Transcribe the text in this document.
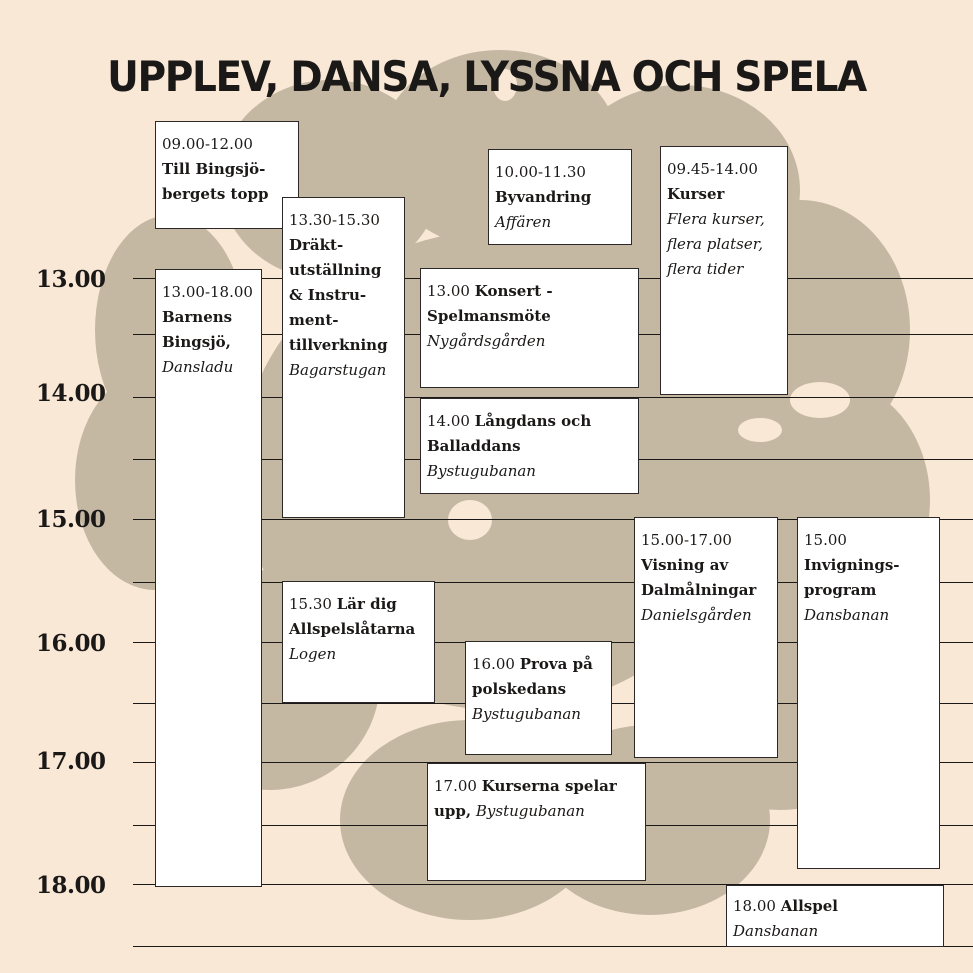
UPPLEV, DANSA, LYSSNA OCH SPELA
13.00
14.00
15.00
16.00
17.00
18.00
09.00-12.00
Till Bingsjö-bergets topp
10.00-11.30
Byvandring
Affären
09.45-14.00
Kurser
Flera kurser, flera platser, flera tider
13.30-15.30
Dräkt-utställning & Instru-ment-tillverkning
Bagarstugan
13.00-18.00
Barnens Bingsjö,
Dansladu
13.00 Konsert - Spelmansmöte
Nygårdsgården
14.00 Långdans och Balladdans
Bystugubanan
15.00-17.00
Visning av Dalmålningar
Danielsgården
15.00
Invignings-program
Dansbanan
15.30 Lär dig Allspelslåtarna
Logen
16.00 Prova på polskedans
Bystugubanan
17.00 Kurserna spelar upp, Bystugubanan
18.00 Allspel
Dansbanan
